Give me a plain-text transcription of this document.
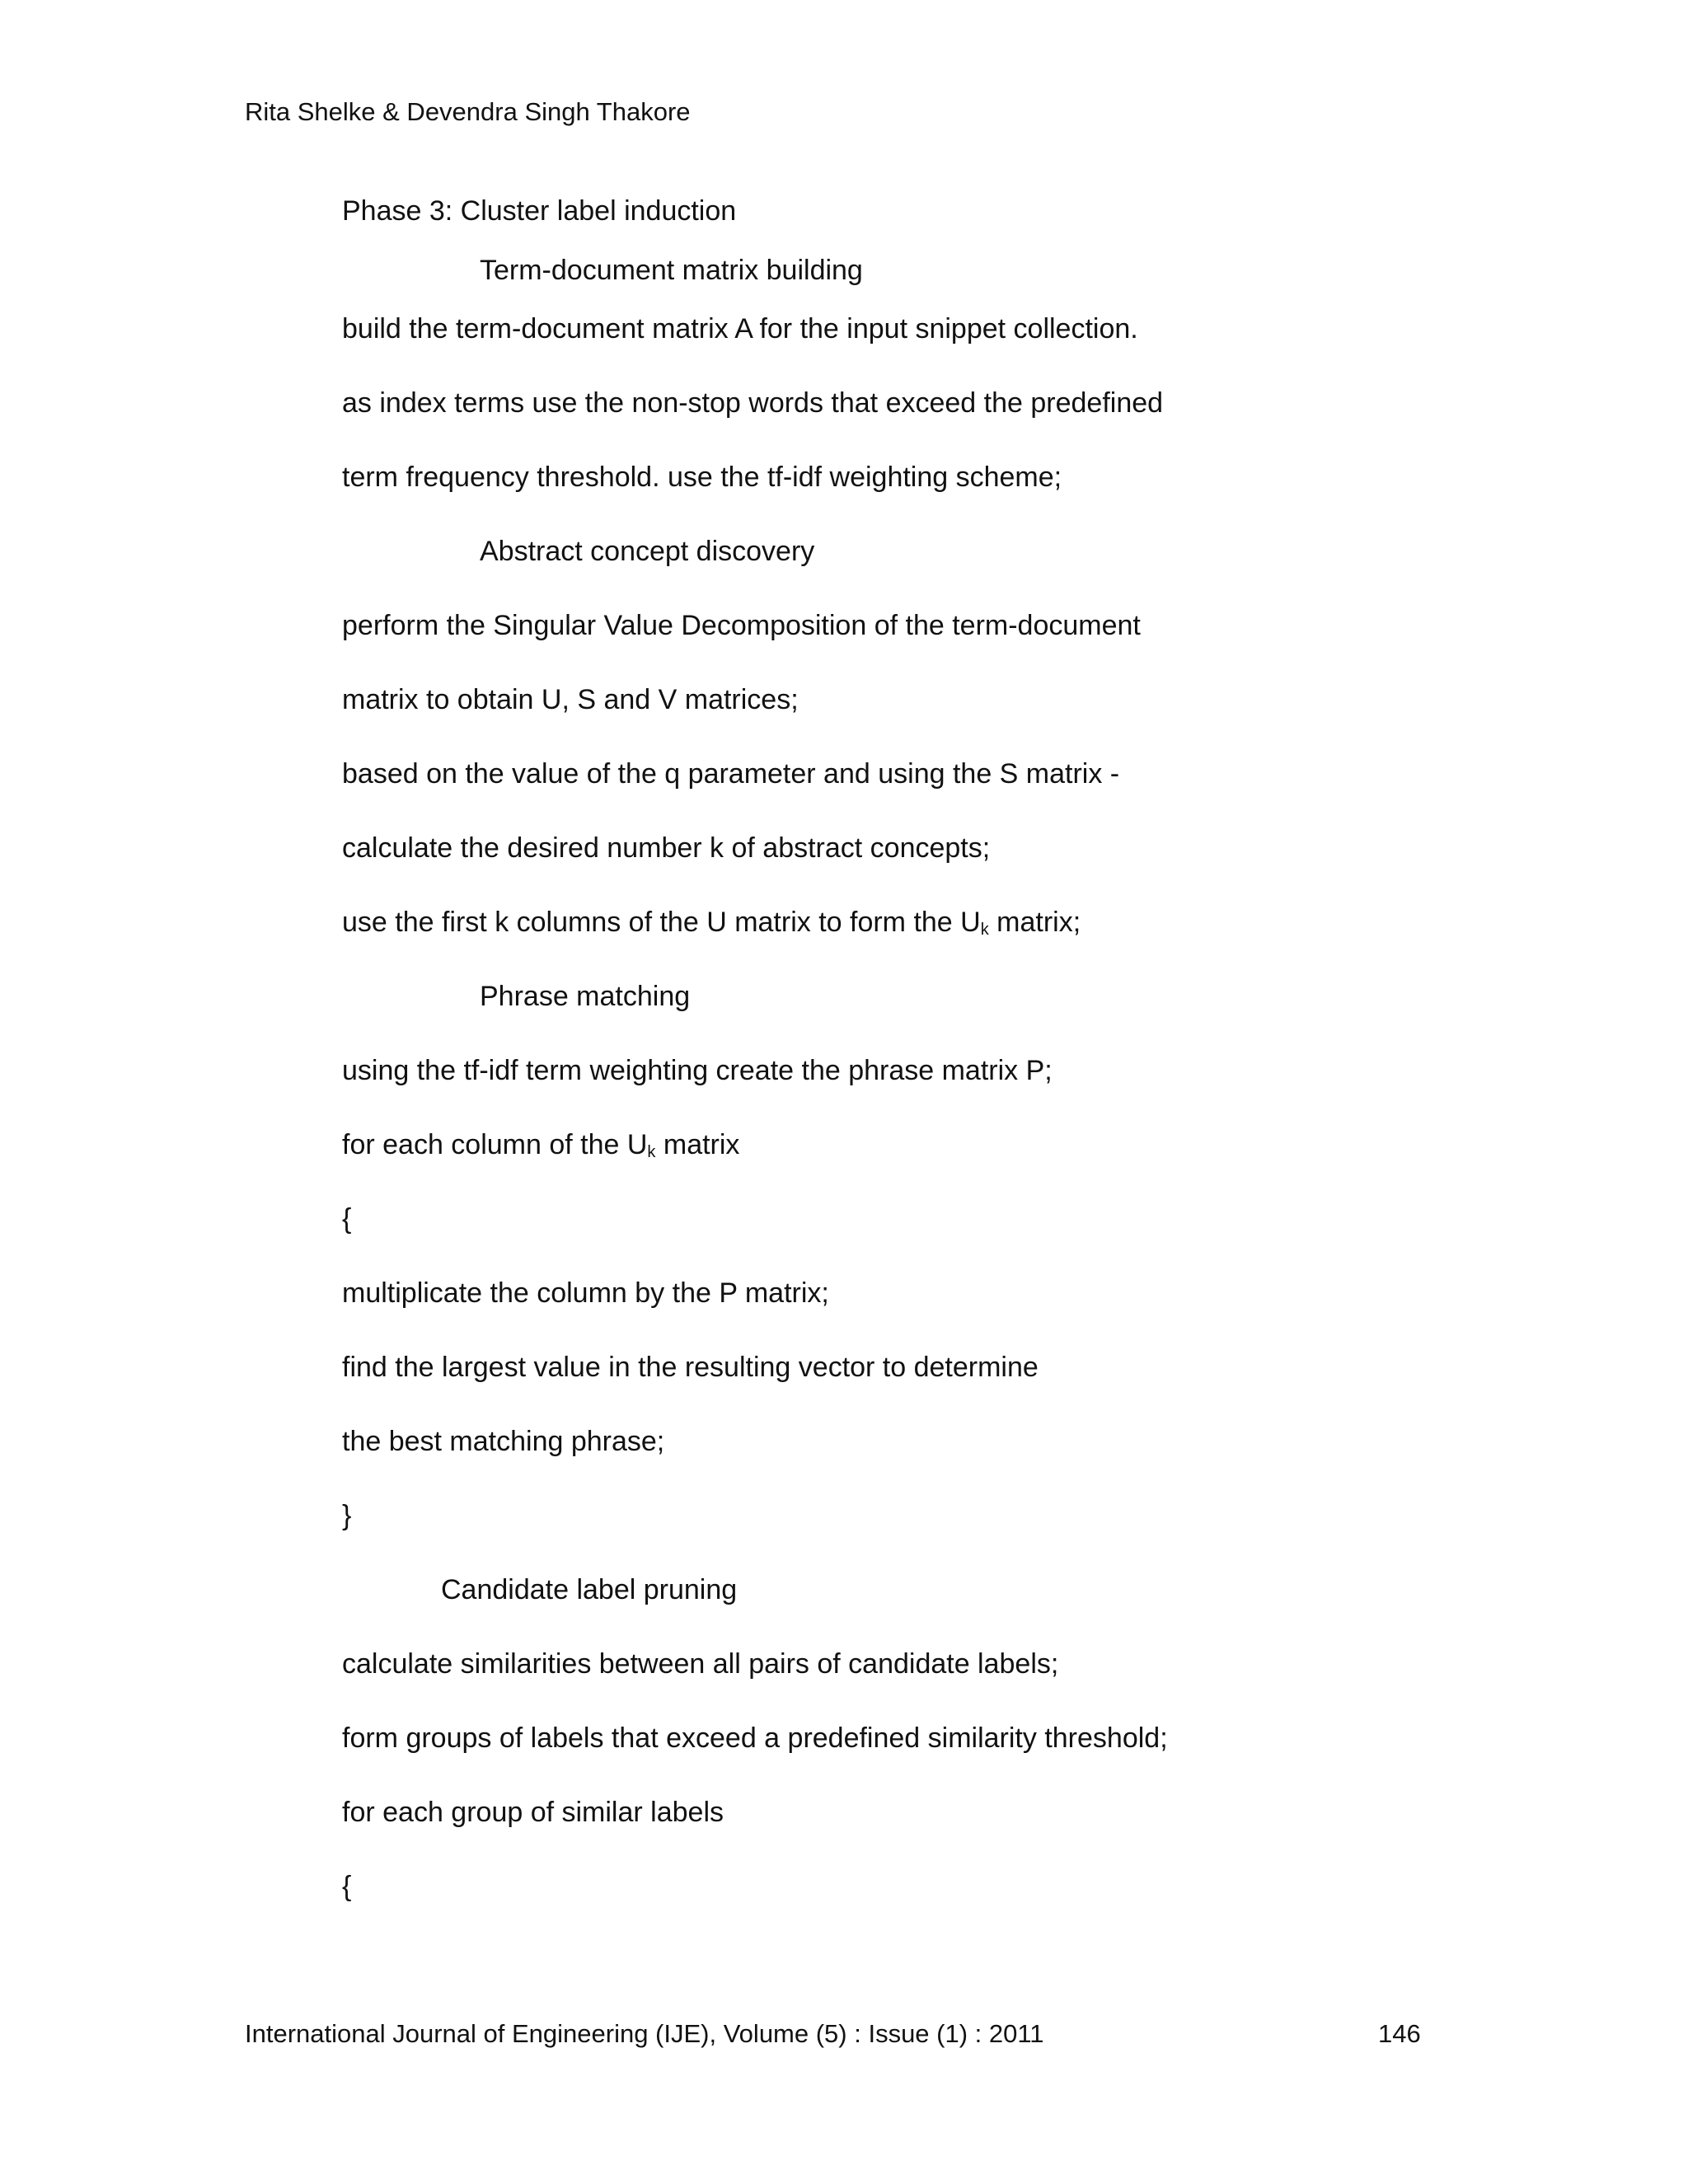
Rita Shelke & Devendra Singh Thakore
Phase 3: Cluster label induction
Term-document matrix building
build the term-document matrix A for the input snippet collection.
as index terms use the non-stop words that exceed the predefined
term frequency threshold. use the tf-idf weighting scheme;
Abstract concept discovery
perform the Singular Value Decomposition of the term-document
matrix to obtain U, S and V matrices;
based on the value of the q parameter and using the S matrix -
calculate the desired number k of abstract concepts;
use the first k columns of the U matrix to form the $U_k$ matrix;
Phrase matching
using the tf-idf term weighting create the phrase matrix P;
for each column of the $U_k$ matrix
{
multiplicate the column by the P matrix;
find the largest value in the resulting vector to determine
the best matching phrase;
}
Candidate label pruning
calculate similarities between all pairs of candidate labels;
form groups of labels that exceed a predefined similarity threshold;
for each group of similar labels
{
International Journal of Engineering (IJE), Volume (5) : Issue (1) : 2011	146
